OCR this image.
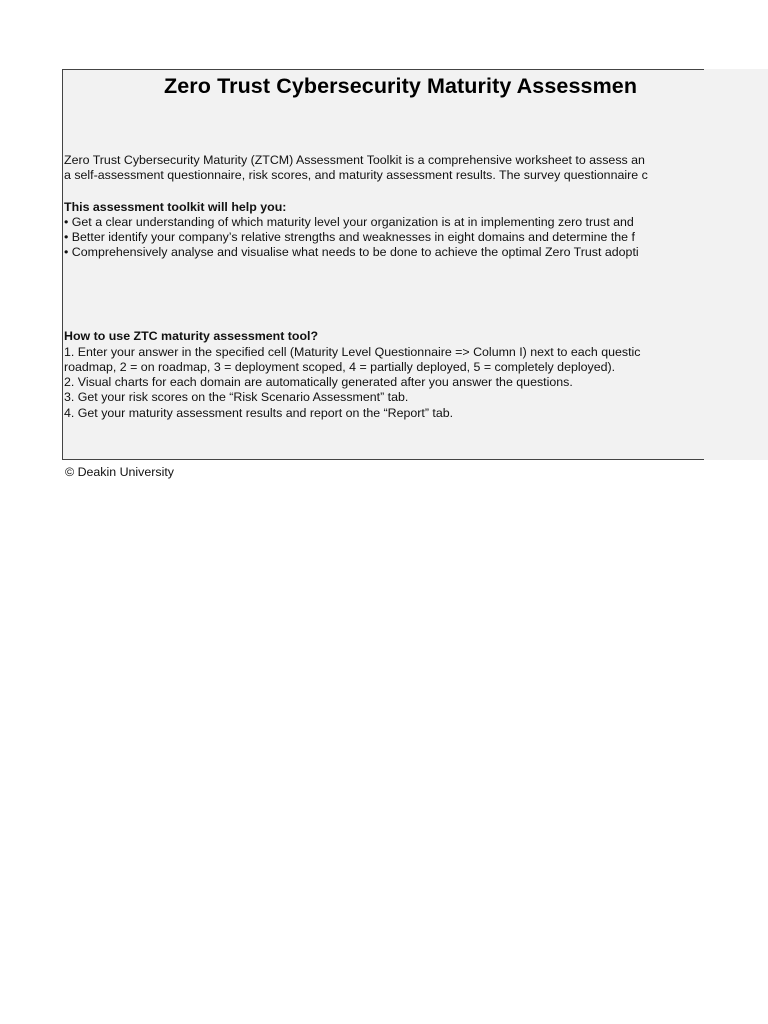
Zero Trust Cybersecurity Maturity Assessmen

Zero Trust Cybersecurity Maturity (ZTCM) Assessment Toolkit is a comprehensive worksheet to assess an

a self-assessment questionnaire, risk scores, and maturity assessment results. The survey questionnaire c

This assessment toolkit will help you:

• Get a clear understanding of which maturity level your organization is at in implementing zero trust and

• Better identify your company’s relative strengths and weaknesses in eight domains and determine the f

• Comprehensively analyse and visualise what needs to be done to achieve the optimal Zero Trust adopti

How to use ZTC maturity assessment tool?

1. Enter your answer in the specified cell (Maturity Level Questionnaire => Column I) next to each questic

roadmap, 2 = on roadmap, 3 = deployment scoped, 4 = partially deployed, 5 = completely deployed).

2. Visual charts for each domain are automatically generated after you answer the questions.

3. Get your risk scores on the “Risk Scenario Assessment” tab.

4. Get your maturity assessment results and report on the “Report” tab.

© Deakin University
